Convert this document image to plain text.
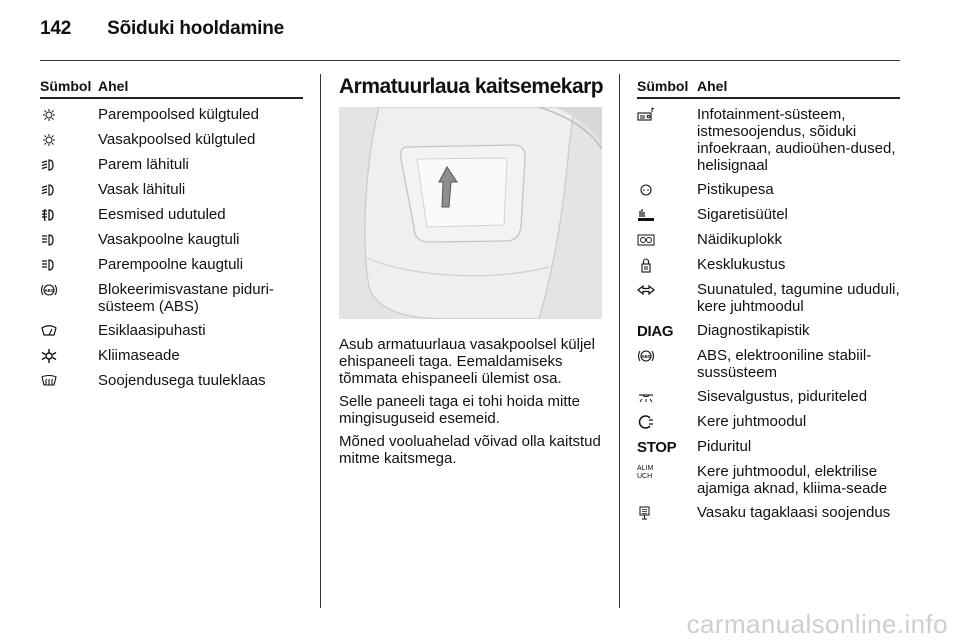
142 Sõiduki hooldamine
Sümbol Ahel
Parempoolsed külgtuled
Vasakpoolsed külgtuled
Parem lähituli
Vasak lähituli
Eesmised udutuled
Vasakpoolne kaugtuli
Parempoolne kaugtuli
ABS	Blokeerimisvastane piduri-süsteem (ABS)
Esiklaasipuhasti
Kliimaseade
Soojendusega tuuleklaas
Armatuurlaua kaitsemekarp

Asub armatuurlaua vasakpoolsel küljel ehispaneeli taga. Eemaldamiseks tõmmata ehispaneeli ülemist osa.

Selle paneeli taga ei tohi hoida mitte mingisuguseid esemeid.

Mõned vooluahelad võivad olla kaitstud mitme kaitsmega.

Sümbol Ahel
Infotainment-süsteem, istmesoojendus, sõiduki infoekraan, audioühen-dused, helisignaal
Pistikupesa
Sigaretisüütel
Näidikuplokk
Kesklukustus
Suunatuled, tagumine ududuli, kere juhtmoodul
DIAG	Diagnostikapistik
ABS	ABS, elektrooniline stabiil-sussüsteem
Sisevalgustus, piduriteled
Kere juhtmoodul
STOP	Piduritul
ALIM UCH	Kere juhtmoodul, elektrilise ajamiga aknad, kliima-seade
Vasaku tagaklaasi soojendus
carmanualsonline.info
